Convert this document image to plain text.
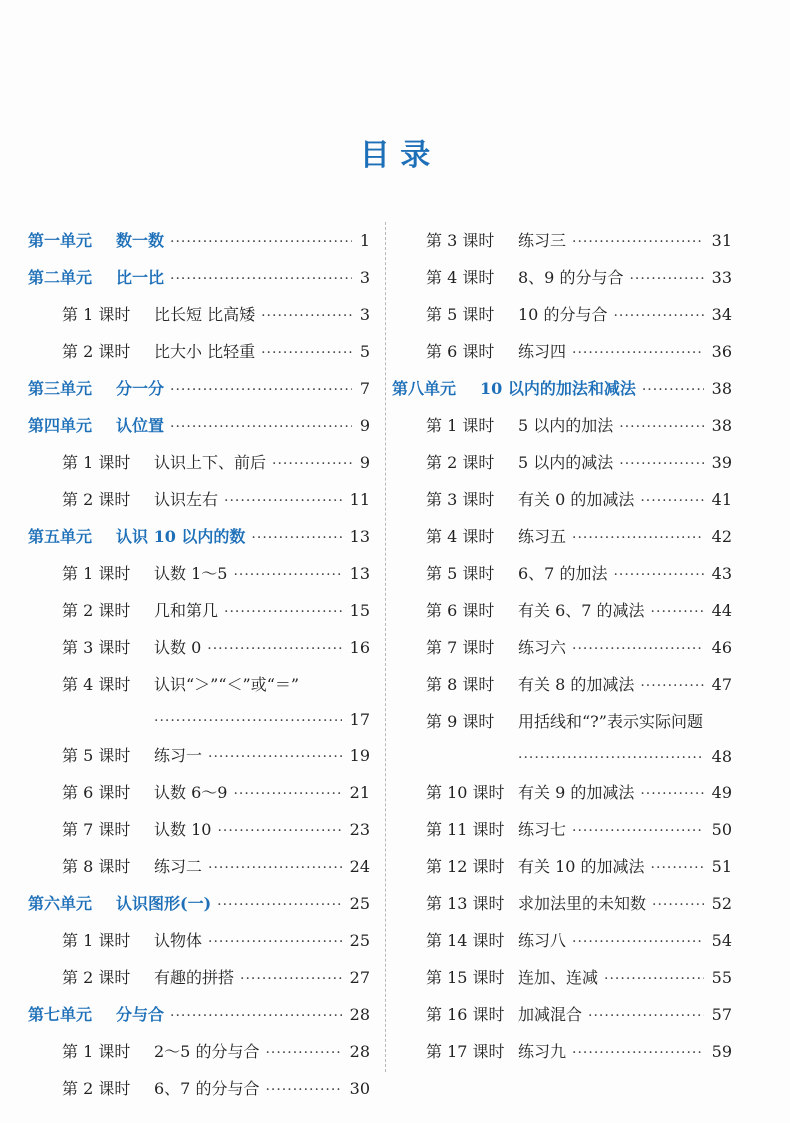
目 录
第一单元	数一数 ·····	1
第二单元	比一比 ·····	3
第 1 课时	比长短 比高矮 ·····	3
第 2 课时	比大小 比轻重 ·····	5
第三单元	分一分 ·····	7
第四单元	认位置 ·····	9
第 1 课时	认识上下、前后 ·····	9
第 2 课时	认识左右 ·····	11
第五单元	认识 10 以内的数 ·····	13
第 1 课时	认数 1～5 ·····	13
第 2 课时	几和第几 ·····	15
第 3 课时	认数 0 ·····	16
第 4 课时 认识“＞”“＜”或“＝”
·····
17
第 5 课时	练习一 ·····	19
第 6 课时	认数 6～9 ·····	21
第 7 课时	认数 10 ·····	23
第 8 课时	练习二 ·····	24
第六单元	认识图形(一) ·····	25
第 1 课时	认物体 ·····	25
第 2 课时	有趣的拼搭 ·····	27
第七单元	分与合 ·····	28
第 1 课时	2～5 的分与合 ·····	28
第 2 课时	6、7 的分与合 ·····	30
第 3 课时	练习三 ·····	31
第 4 课时	8、9 的分与合 ·····	33
第 5 课时	10 的分与合 ·····	34
第 6 课时	练习四 ·····	36
第八单元	10 以内的加法和减法 ·····	38
第 1 课时	5 以内的加法 ·····	38
第 2 课时	5 以内的减法 ·····	39
第 3 课时	有关 0 的加减法 ·····	41
第 4 课时	练习五 ·····	42
第 5 课时	6、7 的加法 ·····	43
第 6 课时	有关 6、7 的减法 ·····	44
第 7 课时	练习六 ·····	46
第 8 课时	有关 8 的加减法 ·····	47
第 9 课时 用括线和“?”表示实际问题
·····
48
第 10 课时 有关 9 的加减法 ·····	49
第 11 课时 练习七 ·····	50
第 12 课时 有关 10 的加减法 ·····	51
第 13 课时 求加法里的未知数 ·····	52
第 14 课时 练习八 ·····	54
第 15 课时 连加、连减 ·····	55
第 16 课时 加减混合 ·····	57
第 17 课时 练习九 ·····	59
